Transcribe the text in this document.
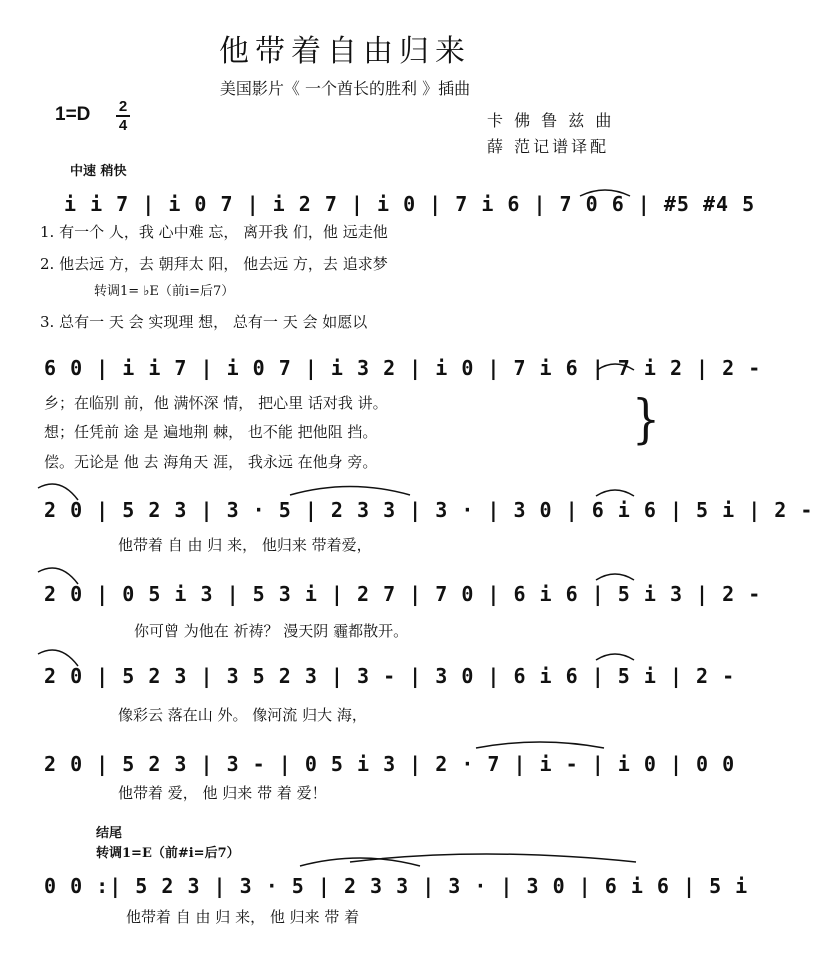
他带着自由归来
美国影片《 一个酋长的胜利 》插曲
1=D 2
4	卡 佛 鲁 兹 曲
薛 范记谱译配
中速 稍快
i i 7 | i 0 7 | i 2 7 | i 0 | 7 i 6 | 7 0 6 | #5 #4 5
1. 有一个 人，我 心中难 忘， 离开我 们，他 远走他
2. 他去远 方，去 朝拜太 阳， 他去远 方，去 追求梦
转调1= ♭E（前i=后7）
3. 总有一 天 会 实现理 想， 总有一 天 会 如愿以
6 0 | i i 7 | i 0 7 | i 3 2 | i 0 | 7 i 6 | 7 i 2 | 2 -
乡；在临别 前，他 满怀深 情， 把心里 话对我 讲。
想；任凭前 途 是 遍地荆 棘， 也不能 把他阻 挡。
偿。无论是 他 去 海角天 涯， 我永远 在他身 旁。
}
2 0 | 5 2 3 | 3 · 5 | 2 3 3 | 3 · | 3 0 | 6 i 6 | 5 i | 2 -
他带着 自 由 归 来， 他归来 带着爱，
2 0 | 0 5 i 3 | 5 3 i | 2 7 | 7 0 | 6 i 6 | 5 i 3 | 2 -
你可曾 为他在 祈祷？ 漫天阴 霾都散开。
2 0 | 5 2 3 | 3 5 2 3 | 3 - | 3 0 | 6 i 6 | 5 i | 2 -
像彩云 落在山 外。 像河流 归大 海，
2 0 | 5 2 3 | 3 - | 0 5 i 3 | 2 · 7 | i - | i 0 | 0 0
他带着 爱， 他 归来 带 着 爱！
结尾
转调1=E（前#i=后7）
0 0 :| 5 2 3 | 3 · 5 | 2 3 3 | 3 · | 3 0 | 6 i 6 | 5 i
他带着 自 由 归 来， 他 归来 带 着
